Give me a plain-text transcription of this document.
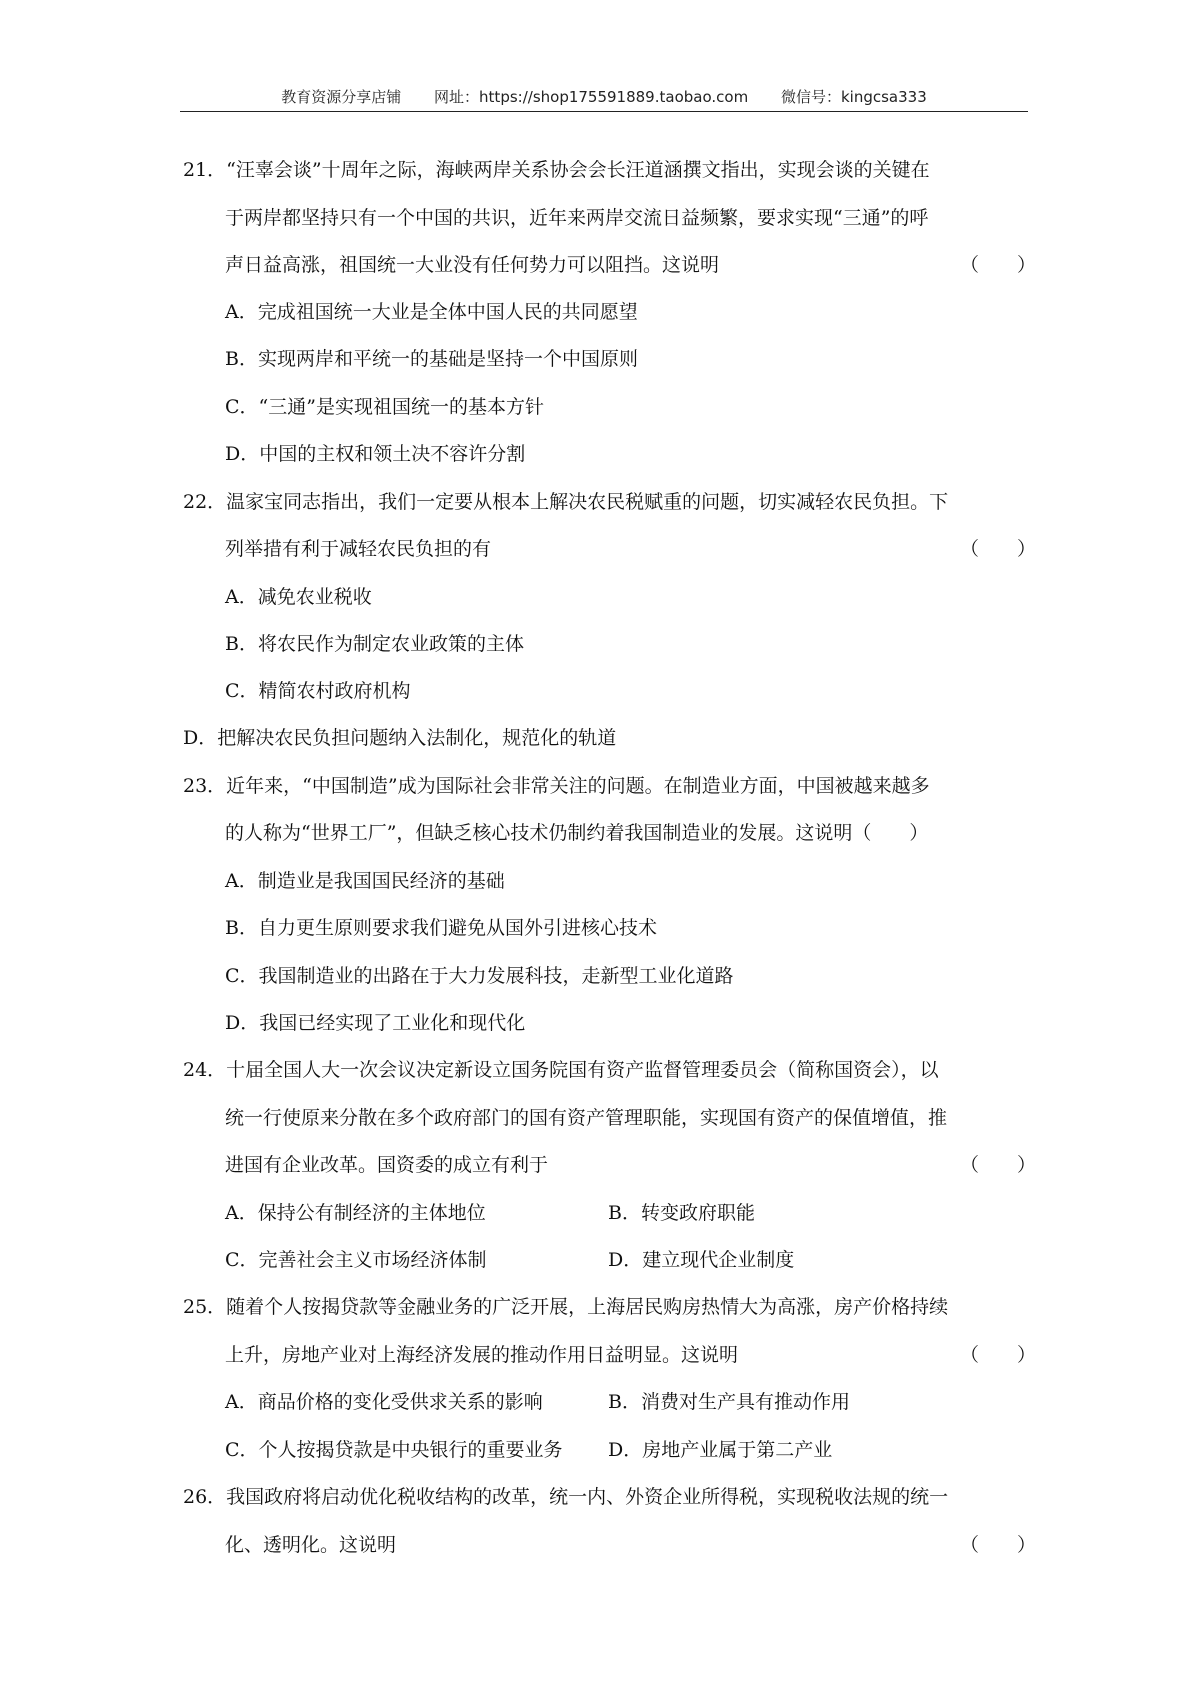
教育资源分享店铺 网址：https://shop175591889.taobao.com 微信号：kingcsa333
21．“汪辜会谈”十周年之际，海峡两岸关系协会会长汪道涵撰文指出，实现会谈的关键在
于两岸都坚持只有一个中国的共识，近年来两岸交流日益频繁，要求实现“三通”的呼
声日益高涨，祖国统一大业没有任何势力可以阻挡。这说明	（　　）
A．完成祖国统一大业是全体中国人民的共同愿望
B．实现两岸和平统一的基础是坚持一个中国原则
C．“三通”是实现祖国统一的基本方针
D．中国的主权和领土决不容许分割
22．温家宝同志指出，我们一定要从根本上解决农民税赋重的问题，切实减轻农民负担。下
列举措有利于减轻农民负担的有	（　　）
A．减免农业税收
B．将农民作为制定农业政策的主体
C．精简农村政府机构
D．把解决农民负担问题纳入法制化，规范化的轨道
23．近年来，“中国制造”成为国际社会非常关注的问题。在制造业方面，中国被越来越多
的人称为“世界工厂”，但缺乏核心技术仍制约着我国制造业的发展。这说明（　　）
A．制造业是我国国民经济的基础
B．自力更生原则要求我们避免从国外引进核心技术
C．我国制造业的出路在于大力发展科技，走新型工业化道路
D．我国已经实现了工业化和现代化
24．十届全国人大一次会议决定新设立国务院国有资产监督管理委员会（简称国资会），以
统一行使原来分散在多个政府部门的国有资产管理职能，实现国有资产的保值增值，推
进国有企业改革。国资委的成立有利于	（　　）
A．保持公有制经济的主体地位	B．转变政府职能
C．完善社会主义市场经济体制	D．建立现代企业制度
25．随着个人按揭贷款等金融业务的广泛开展，上海居民购房热情大为高涨，房产价格持续
上升，房地产业对上海经济发展的推动作用日益明显。这说明	（　　）
A．商品价格的变化受供求关系的影响	B．消费对生产具有推动作用
C．个人按揭贷款是中央银行的重要业务 D．房地产业属于第二产业
26．我国政府将启动优化税收结构的改革，统一内、外资企业所得税，实现税收法规的统一
化、透明化。这说明	（　　）
